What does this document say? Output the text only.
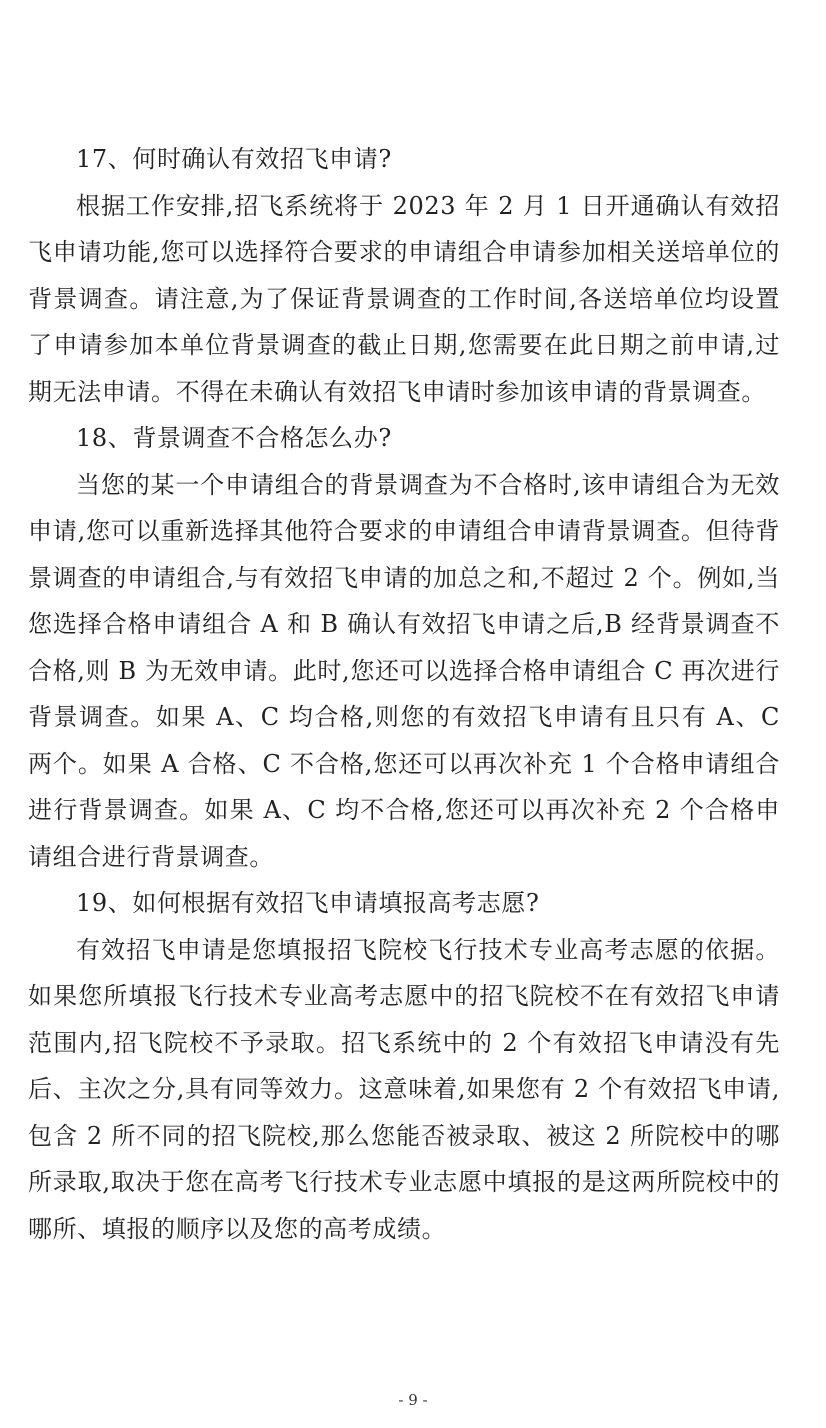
17、何时确认有效招飞申请?

根据工作安排,招飞系统将于 2023 年 2 月 1 日开通确认有效招飞申请功能,您可以选择符合要求的申请组合申请参加相关送培单位的背景调查。请注意,为了保证背景调查的工作时间,各送培单位均设置了申请参加本单位背景调查的截止日期,您需要在此日期之前申请,过期无法申请。不得在未确认有效招飞申请时参加该申请的背景调查。

18、背景调查不合格怎么办?

当您的某一个申请组合的背景调查为不合格时,该申请组合为无效申请,您可以重新选择其他符合要求的申请组合申请背景调查。但待背景调查的申请组合,与有效招飞申请的加总之和,不超过 2 个。例如,当您选择合格申请组合 A 和 B 确认有效招飞申请之后,B 经背景调查不合格,则 B 为无效申请。此时,您还可以选择合格申请组合 C 再次进行背景调查。如果 A、C 均合格,则您的有效招飞申请有且只有 A、C 两个。如果 A 合格、C 不合格,您还可以再次补充 1 个合格申请组合进行背景调查。如果 A、C 均不合格,您还可以再次补充 2 个合格申请组合进行背景调查。

19、如何根据有效招飞申请填报高考志愿?

有效招飞申请是您填报招飞院校飞行技术专业高考志愿的依据。如果您所填报飞行技术专业高考志愿中的招飞院校不在有效招飞申请范围内,招飞院校不予录取。招飞系统中的 2 个有效招飞申请没有先后、主次之分,具有同等效力。这意味着,如果您有 2 个有效招飞申请,包含 2 所不同的招飞院校,那么您能否被录取、被这 2 所院校中的哪所录取,取决于您在高考飞行技术专业志愿中填报的是这两所院校中的哪所、填报的顺序以及您的高考成绩。

- 9 -
